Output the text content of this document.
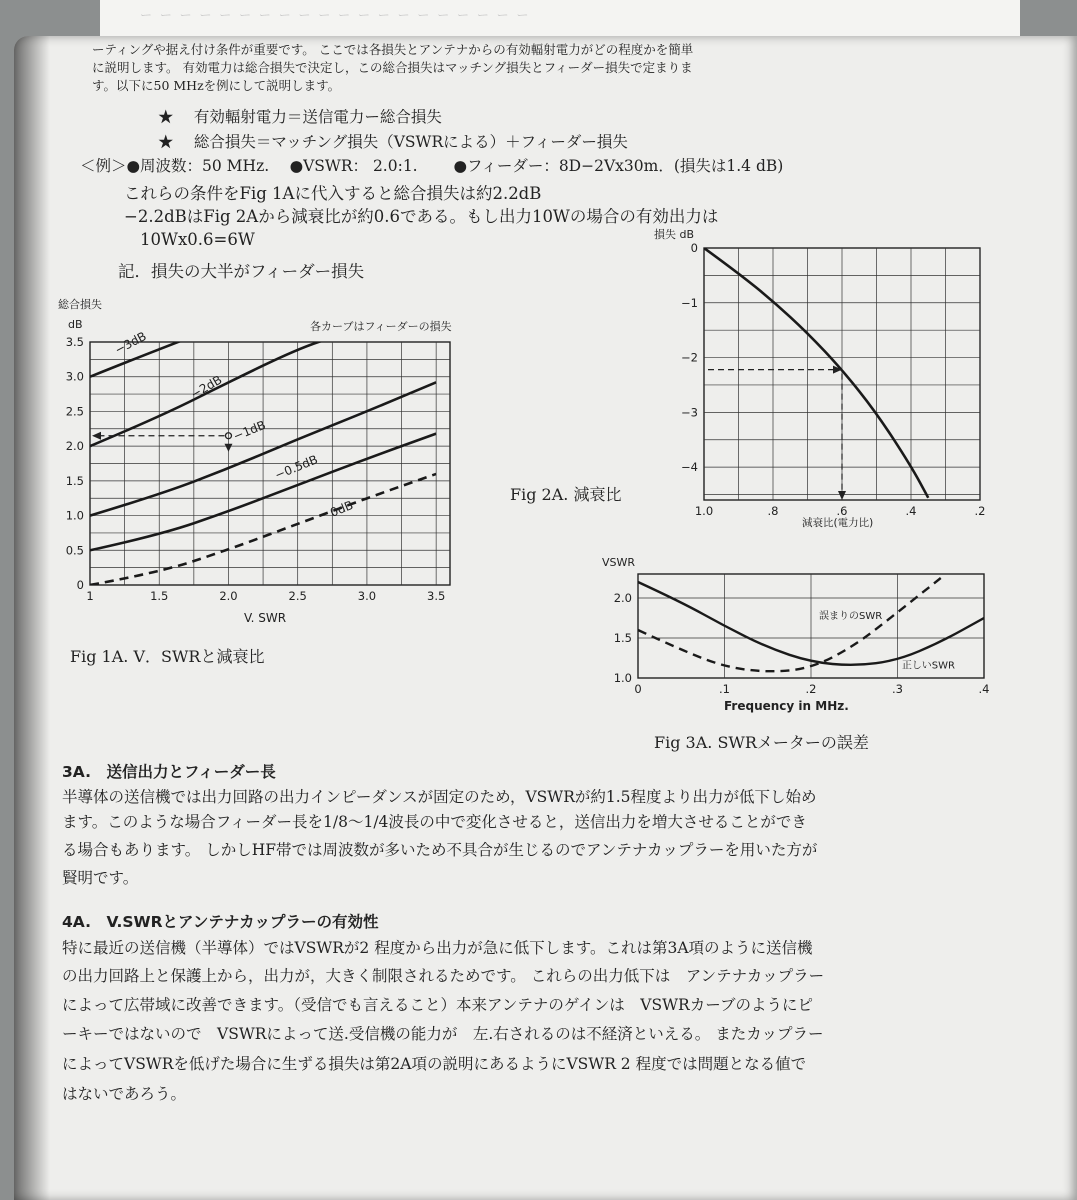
ー ー ー ー ー ー ー ー ー ー ー ー ー ー ー ー ー ー ー ー
ーティングや据え付け条件が重要です。 ここでは各損失とアンテナからの有効輻射電力がどの程度かを簡単
に説明します。 有効電力は総合損失で決定し，この総合損失はマッチング損失とフィーダー損失で定まりま
す。以下に50 MHzを例にして説明します。
★　 有効輻射電力＝送信電力ー総合損失
★　 総合損失＝マッチング損失（VSWRによる）＋フィーダー損失
＜例＞●周波数：50 MHz.　 ●VSWR： 2.0:1.　　 ●フィーダー：8D−2Vx30m．(損失は1.4 dB)
これらの条件をFig 1Aに代入すると総合損失は約2.2dB
−2.2dBはFig 2Aから減衰比が約0.6である。もし出力10Wの場合の有効出力は
10Wx0.6=6W
記．損失の大半がフィーダー損失
総合損失
dB	各カーブはフィーダーの損失
1	1.5	2.0	2.5	3.0	3.5
0
0.5
1.0
1.5
2.0
2.5
3.0
3.5 −3dB
−2dB
−1dB
−0.5dB
0dB
V. SWR
Fig 1A. V．SWRと減衰比
損失 dB
1.0	.8	.6	.4	.2
0
−1
−2
−3
−4
減衰比(電力比)
Fig 2A. 減衰比
VSWR
0	.1	.2	.3	.4
1.0
1.5
2.0
誤まりのSWR
正しいSWR
Frequency in MHz.
Fig 3A. SWRメーターの誤差
3A.　送信出力とフィーダー長
半導体の送信機では出力回路の出力インピーダンスが固定のため，VSWRが約1.5程度より出力が低下し始め
ます。このような場合フィーダー長を1/8〜1/4波長の中で変化させると，送信出力を増大させることができ
る場合もあります。 しかしHF帯では周波数が多いため不具合が生じるのでアンテナカップラーを用いた方が
賢明です。
4A.　V.SWRとアンテナカップラーの有効性
特に最近の送信機（半導体）ではVSWRが2 程度から出力が急に低下します。これは第3A項のように送信機
の出力回路上と保護上から，出力が，大きく制限されるためです。 これらの出力低下は　アンテナカップラー
によって広帯域に改善できます。（受信でも言えること）本来アンテナのゲインは　VSWRカーブのようにピ
ーキーではないので　VSWRによって送.受信機の能力が　左.右されるのは不経済といえる。 またカップラー
によってVSWRを低げた場合に生ずる損失は第2A項の説明にあるようにVSWR 2 程度では問題となる値で
はないであろう。
